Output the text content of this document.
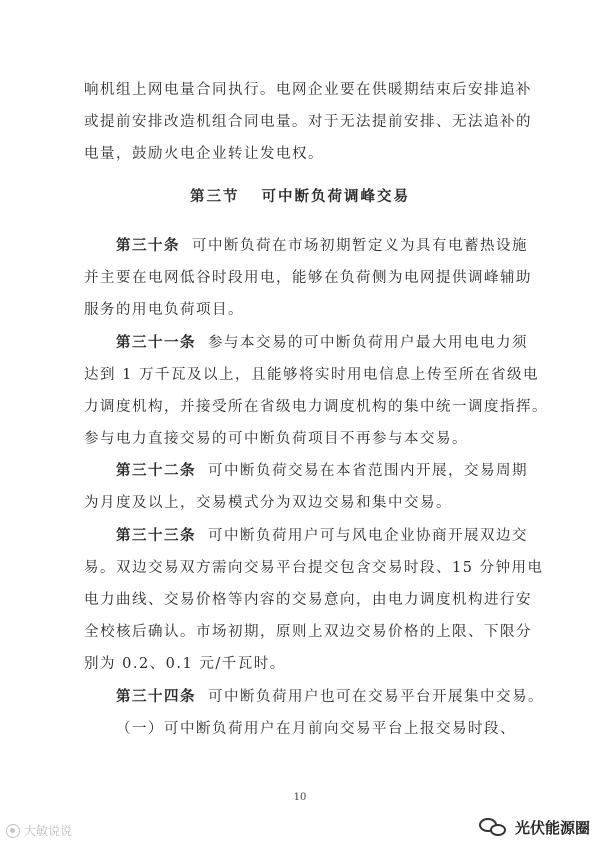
响机组上网电量合同执行。电网企业要在供暖期结束后安排追补
或提前安排改造机组合同电量。对于无法提前安排、无法追补的
电量，鼓励火电企业转让发电权。
第三节 可中断负荷调峰交易
第三十条 可中断负荷在市场初期暂定义为具有电蓄热设施
并主要在电网低谷时段用电，能够在负荷侧为电网提供调峰辅助
服务的用电负荷项目。
第三十一条 参与本交易的可中断负荷用户最大用电电力须
达到 1 万千瓦及以上，且能够将实时用电信息上传至所在省级电
力调度机构，并接受所在省级电力调度机构的集中统一调度指挥。
参与电力直接交易的可中断负荷项目不再参与本交易。
第三十二条 可中断负荷交易在本省范围内开展，交易周期
为月度及以上，交易模式分为双边交易和集中交易。
第三十三条 可中断负荷用户可与风电企业协商开展双边交
易。双边交易双方需向交易平台提交包含交易时段、15 分钟用电
电力曲线、交易价格等内容的交易意向，由电力调度机构进行安
全校核后确认。市场初期，原则上双边交易价格的上限、下限分
别为 0.2、0.1 元/千瓦时。
第三十四条 可中断负荷用户也可在交易平台开展集中交易。
（一）可中断负荷用户在月前向交易平台上报交易时段、
10
大敏说说	光伏能源圈
